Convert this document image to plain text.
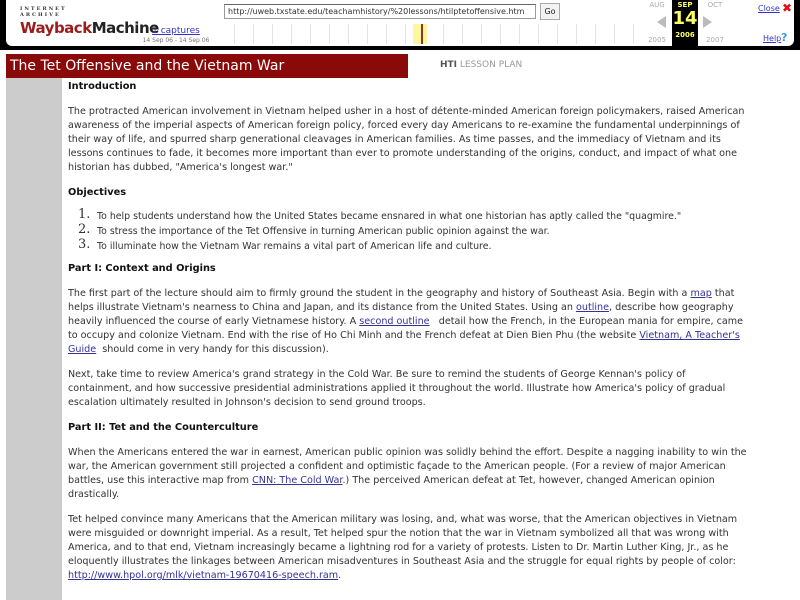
INTERNET ARCHIVE
WaybackMachine
1 captures
14 Sep 06 - 14 Sep 06
http://uweb.txstate.edu/teachamhistory/%20lessons/htilptetoffensive.htm	Go
AUG	OCT
2005	2007
SEP
14
2006
Close ✖
Help ?
The Tet Offensive and the Vietnam War	HTI LESSON PLAN
Introduction

The protracted American involvement in Vietnam helped usher in a host of détente-minded American foreign policymakers, raised American awareness of the imperial aspects of American foreign policy, forced every day Americans to re-examine the fundamental underpinnings of their way of life, and spurred sharp generational cleavages in American families. As time passes, and the immediacy of Vietnam and its lessons continues to fade, it becomes more important than ever to promote understanding of the origins, conduct, and impact of what one historian has dubbed, "America's longest war."

Objectives
1. To help students understand how the United States became ensnared in what one historian has aptly called the "quagmire."
2. To stress the importance of the Tet Offensive in turning American public opinion against the war.
3. To illuminate how the Vietnam War remains a vital part of American life and culture.
Part I: Context and Origins

The first part of the lecture should aim to firmly ground the student in the geography and history of Southeast Asia. Begin with a map that helps illustrate Vietnam's nearness to China and Japan, and its distance from the United States. Using an outline, describe how geography heavily influenced the course of early Vietnamese history. A second outline   detail how the French, in the European mania for empire, came to occupy and colonize Vietnam. End with the rise of Ho Chi Minh and the French defeat at Dien Bien Phu (the website Vietnam, A Teacher's Guide  should come in very handy for this discussion).

Next, take time to review America's grand strategy in the Cold War. Be sure to remind the students of George Kennan's policy of containment, and how successive presidential administrations applied it throughout the world. Illustrate how America's policy of gradual escalation ultimately resulted in Johnson's decision to send ground troops.

Part II: Tet and the Counterculture

When the Americans entered the war in earnest, American public opinion was solidly behind the effort. Despite a nagging inability to win the war, the American government still projected a confident and optimistic façade to the American people. (For a review of major American battles, use this interactive map from CNN: The Cold War.) The perceived American defeat at Tet, however, changed American opinion drastically.

Tet helped convince many Americans that the American military was losing, and, what was worse, that the American objectives in Vietnam were misguided or downright imperial. As a result, Tet helped spur the notion that the war in Vietnam symbolized all that was wrong with America, and to that end, Vietnam increasingly became a lightning rod for a variety of protests. Listen to Dr. Martin Luther King, Jr., as he eloquently illustrates the linkages between American misadventures in Southeast Asia and the struggle for equal rights by people of color: http://www.hpol.org/mlk/vietnam-19670416-speech.ram.
